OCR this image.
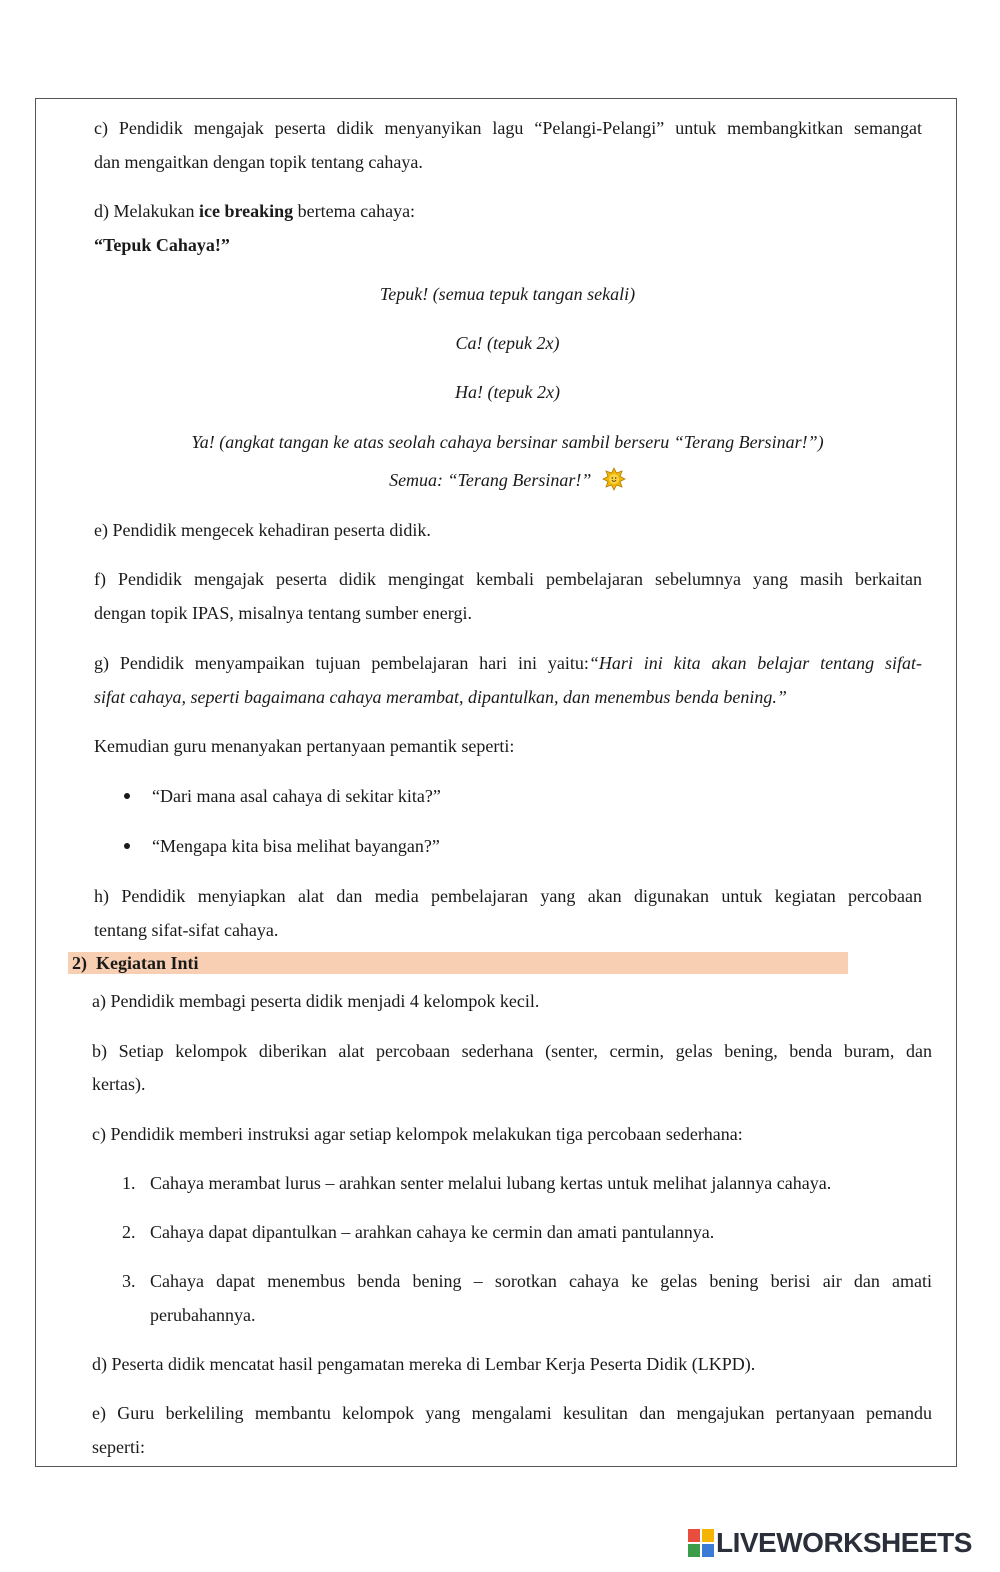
c) Pendidik mengajak peserta didik menyanyikan lagu “Pelangi-Pelangi” untuk membangkitkan semangat
dan mengaitkan dengan topik tentang cahaya.
d) Melakukan ice breaking bertema cahaya:
“Tepuk Cahaya!”
Tepuk! (semua tepuk tangan sekali)
Ca! (tepuk 2x)
Ha! (tepuk 2x)
Ya! (angkat tangan ke atas seolah cahaya bersinar sambil berseru “Terang Bersinar!”)
Semua: “Terang Bersinar!”
e) Pendidik mengecek kehadiran peserta didik.
f) Pendidik mengajak peserta didik mengingat kembali pembelajaran sebelumnya yang masih berkaitan
dengan topik IPAS, misalnya tentang sumber energi.
g) Pendidik menyampaikan tujuan pembelajaran hari ini yaitu:“Hari ini kita akan belajar tentang sifat-
sifat cahaya, seperti bagaimana cahaya merambat, dipantulkan, dan menembus benda bening.”
Kemudian guru menanyakan pertanyaan pemantik seperti:
“Dari mana asal cahaya di sekitar kita?”
“Mengapa kita bisa melihat bayangan?”
h) Pendidik menyiapkan alat dan media pembelajaran yang akan digunakan untuk kegiatan percobaan
tentang sifat-sifat cahaya.
2) Kegiatan Inti
a) Pendidik membagi peserta didik menjadi 4 kelompok kecil.
b) Setiap kelompok diberikan alat percobaan sederhana (senter, cermin, gelas bening, benda buram, dan
kertas).
c) Pendidik memberi instruksi agar setiap kelompok melakukan tiga percobaan sederhana:
1. Cahaya merambat lurus – arahkan senter melalui lubang kertas untuk melihat jalannya cahaya.
2. Cahaya dapat dipantulkan – arahkan cahaya ke cermin dan amati pantulannya.
3. Cahaya dapat menembus benda bening – sorotkan cahaya ke gelas bening berisi air dan amati
perubahannya.
d) Peserta didik mencatat hasil pengamatan mereka di Lembar Kerja Peserta Didik (LKPD).
e) Guru berkeliling membantu kelompok yang mengalami kesulitan dan mengajukan pertanyaan pemandu
seperti:
LIVEWORKSHEETS
